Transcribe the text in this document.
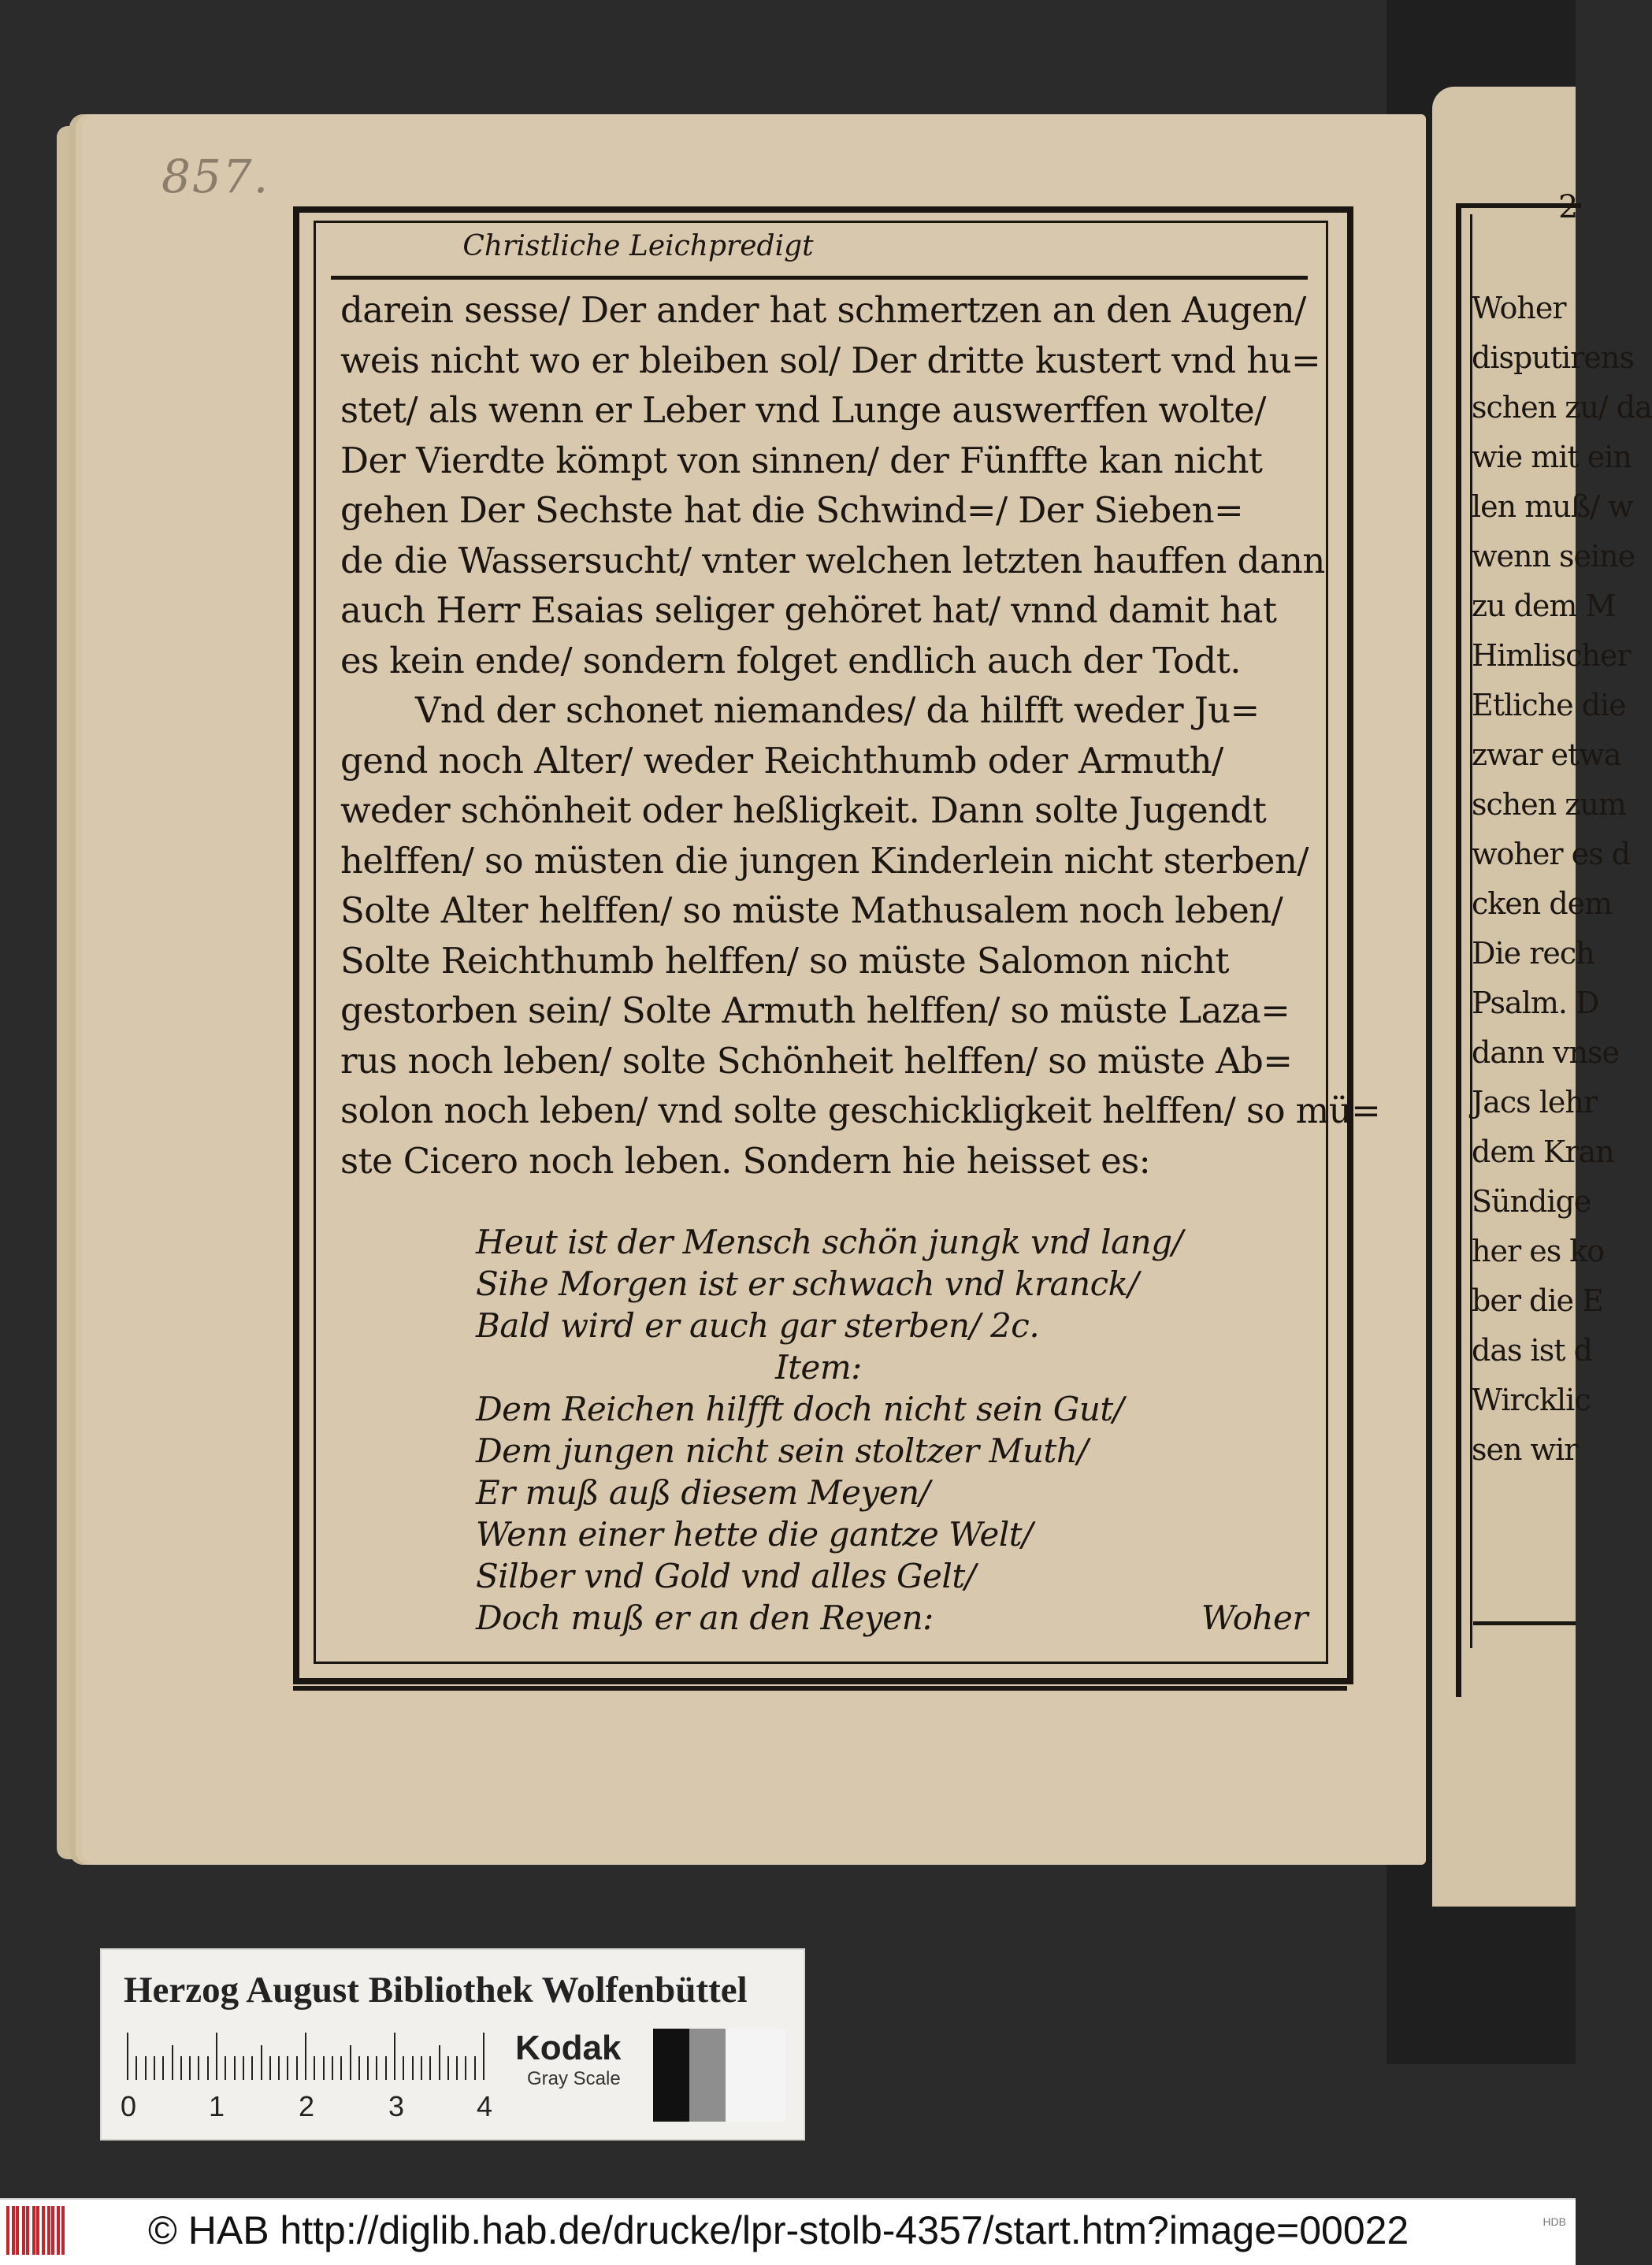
2
Woher
disputirens
schen zu/ da
wie mit ein
len muß/ w
wenn seine
zu dem M
Himlischer
Etliche die
zwar etwa
schen zum
woher es d
cken dem
Die rech
Psalm. D
dann vnse
Jacs lehr
dem Kran
Sündige
her es ko
ber die E
das ist d
Wircklic
sen wir
857.
Christliche Leichpredigt
darein sesse/ Der ander hat schmertzen an den Augen/
weis nicht wo er bleiben sol/ Der dritte kustert vnd hu=
stet/ als wenn er Leber vnd Lunge auswerffen wolte/
Der Vierdte kömpt von sinnen/ der Fünffte kan nicht
gehen Der Sechste hat die Schwind=/ Der Sieben=
de die Wassersucht/ vnter welchen letzten hauffen dann
auch Herr Esaias seliger gehöret hat/ vnnd damit hat
es kein ende/ sondern folget endlich auch der Todt.
Vnd der schonet niemandes/ da hilfft weder Ju=
gend noch Alter/ weder Reichthumb oder Armuth/
weder schönheit oder heßligkeit. Dann solte Jugendt
helffen/ so müsten die jungen Kinderlein nicht sterben/
Solte Alter helffen/ so müste Mathusalem noch leben/
Solte Reichthumb helffen/ so müste Salomon nicht
gestorben sein/ Solte Armuth helffen/ so müste Laza=
rus noch leben/ solte Schönheit helffen/ so müste Ab=
solon noch leben/ vnd solte geschickligkeit helffen/ so mü=
ste Cicero noch leben. Sondern hie heisset es:
Heut ist der Mensch schön jungk vnd lang/
Sihe Morgen ist er schwach vnd kranck/
Bald wird er auch gar sterben/ 2c.
Item:
Dem Reichen hilfft doch nicht sein Gut/
Dem jungen nicht sein stoltzer Muth/
Er muß auß diesem Meyen/
Wenn einer hette die gantze Welt/
Silber vnd Gold vnd alles Gelt/
Doch muß er an den Reyen:	Woher
Herzog August Bibliothek Wolfenbüttel
0	1	2	3	4
Kodak
Gray Scale
© HAB http://diglib.hab.de/drucke/lpr-stolb-4357/start.htm?image=00022	HDB
